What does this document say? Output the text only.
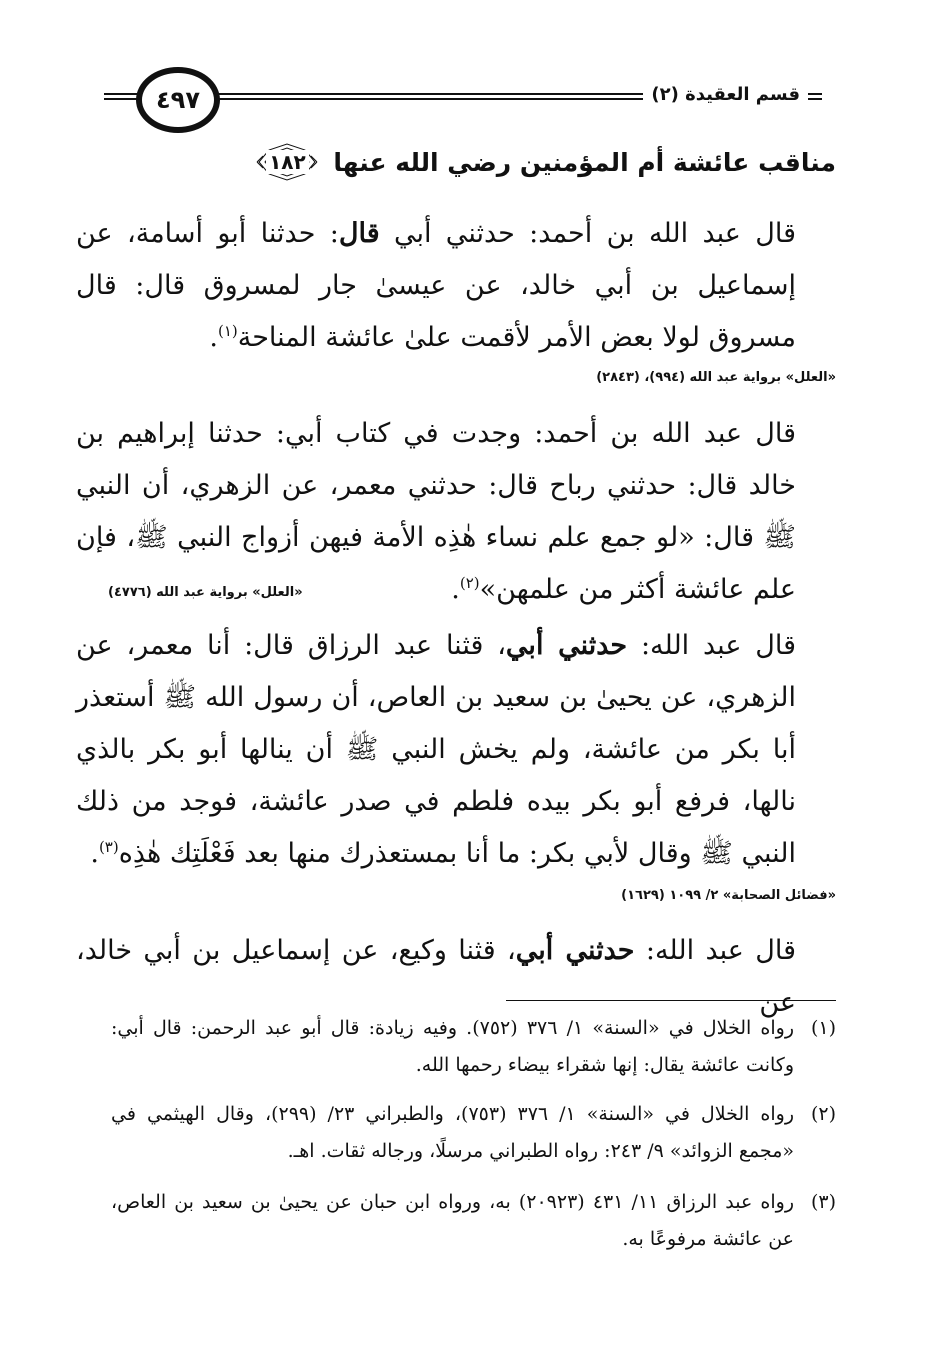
قسم العقيدة (٢)
٤٩٧
مناقب عائشة أم المؤمنين رضي الله عنها
١٨٢
قال عبد الله بن أحمد: حدثني أبي قال: حدثنا أبو أسامة، عن إسماعيل بن أبي خالد، عن عيسىٰ جار لمسروق قال: قال مسروق لولا بعض الأمر لأقمت علىٰ عائشة المناحة$^{(١)}$.
«العلل» برواية عبد الله (٩٩٤)، (٢٨٤٣)
قال عبد الله بن أحمد: وجدت في كتاب أبي: حدثنا إبراهيم بن خالد قال: حدثني رباح قال: حدثني معمر، عن الزهري، أن النبي ﷺ قال: «لو جمع علم نساء هٰذِه الأمة فيهن أزواج النبي ﷺ، فإن علم عائشة أكثر من علمهن»$^{(٢)}$.
«العلل» برواية عبد الله (٤٧٧٦)
قال عبد الله: حدثني أبي، قثنا عبد الرزاق قال: أنا معمر، عن الزهري، عن يحيىٰ بن سعيد بن العاص، أن رسول الله ﷺ أستعذر أبا بكر من عائشة، ولم يخش النبي ﷺ أن ينالها أبو بكر بالذي نالها، فرفع أبو بكر بيده فلطم في صدر عائشة، فوجد من ذلك النبي ﷺ وقال لأبي بكر: ما أنا بمستعذرك منها بعد فَعْلَتِك هٰذِه$^{(٣)}$.
«فضائل الصحابة» ٢/ ١٠٩٩ (١٦٢٩)
قال عبد الله: حدثني أبي، قثنا وكيع، عن إسماعيل بن أبي خالد، عن
(١)
رواه الخلال في «السنة» ١/ ٣٧٦ (٧٥٢). وفيه زيادة: قال أبو عبد الرحمن: قال أبي: وكانت عائشة يقال: إنها شقراء بيضاء رحمها الله.
(٢)
رواه الخلال في «السنة» ١/ ٣٧٦ (٧٥٣)، والطبراني ٢٣/ (٢٩٩)، وقال الهيثمي في «مجمع الزوائد» ٩/ ٢٤٣: رواه الطبراني مرسلًا، ورجاله ثقات. اهـ.
(٣)
رواه عبد الرزاق ١١/ ٤٣١ (٢٠٩٢٣) به، ورواه ابن حبان عن يحيىٰ بن سعيد بن العاص، عن عائشة مرفوعًا به.
